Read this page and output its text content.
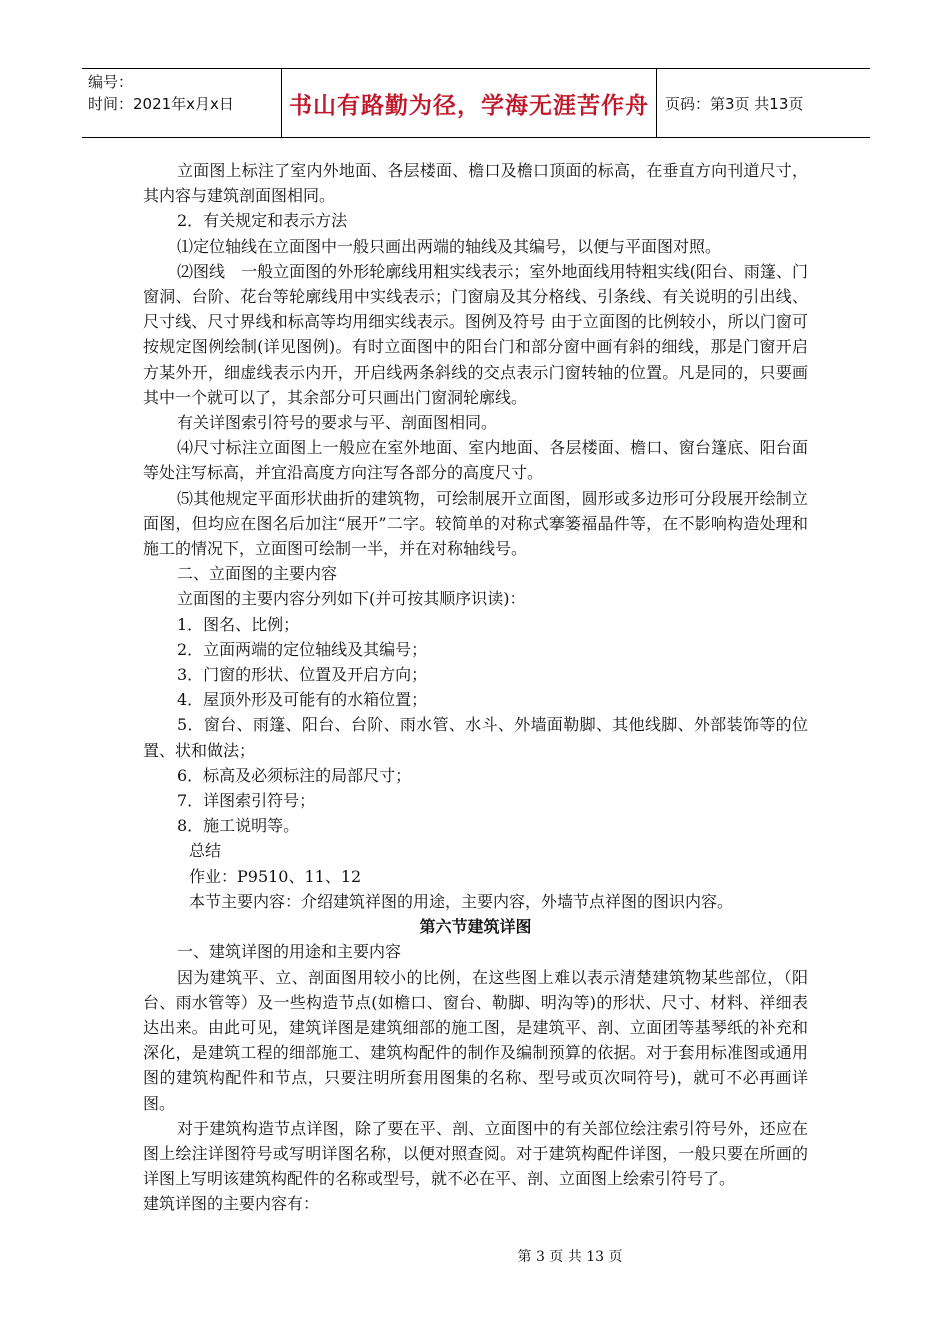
编号：
时间：2021年x月x日	书山有路勤为径，学海无涯苦作舟	页码：第3页 共13页

立面图上标注了室内外地面、各层楼面、檐口及檐口顶面的标高，在垂直方向刊道尺寸，其内容与建筑剖面图相同。

2．有关规定和表示方法

⑴定位轴线在立面图中一般只画出两端的轴线及其编号，以便与平面图对照。

⑵图线　一般立面图的外形轮廓线用粗实线表示；室外地面线用特粗实线(阳台、雨篷、门窗洞、台阶、花台等轮廓线用中实线表示；门窗扇及其分格线、引条线、有关说明的引出线、尺寸线、尺寸界线和标高等均用细实线表示。图例及符号 由于立面图的比例较小，所以门窗可按规定图例绘制(详见图例)。有时立面图中的阳台门和部分窗中画有斜的细线，那是门窗开启方某外开，细虚线表示内开，开启线两条斜线的交点表示门窗转轴的位置。凡是同的，只要画其中一个就可以了，其余部分可只画出门窗洞轮廓线。

有关详图索引符号的要求与平、剖面图相同。

⑷尺寸标注立面图上一般应在室外地面、室内地面、各层楼面、檐口、窗台篷底、阳台面等处注写标高，并宜沿高度方向注写各部分的高度尺寸。

⑸其他规定平面形状曲折的建筑物，可绘制展开立面图，圆形或多边形可分段展开绘制立面图，但均应在图名后加注“展开”二字。较简单的对称式搴篓福晶件等，在不影响构造处理和施工的情况下，立面图可绘制一半，并在对称轴线号。

二、立面图的主要内容

立面图的主要内容分列如下(并可按其顺序识读)：

1．图名、比例；

2．立面两端的定位轴线及其编号；

3．门窗的形状、位置及开启方向；

4．屋顶外形及可能有的水箱位置；

5．窗台、雨篷、阳台、台阶、雨水管、水斗、外墙面勒脚、其他线脚、外部装饰等的位置、状和做法；

6．标高及必须标注的局部尺寸；

7．详图索引符号；

8．施工说明等。

总结

作业：P9510、11、12

本节主要内容：介绍建筑祥图的用途，主要内容，外墙节点祥图的图识内容。

第六节建筑详图

一、建筑详图的用途和主要内容

因为建筑平、立、剖面图用较小的比例，在这些图上难以表示清楚建筑物某些部位，（阳台、雨水管等）及一些构造节点(如檐口、窗台、勒脚、明沟等)的形状、尺寸、材料、祥细表达出来。由此可见，建筑详图是建筑细部的施工图，是建筑平、剖、立面团等基琴纸的补充和深化，是建筑工程的细部施工、建筑构配件的制作及编制预算的依据。对于套用标准图或通用图的建筑构配件和节点，只要注明所套用图集的名称、型号或页次呞符号)，就可不必再画详图。

对于建筑构造节点详图，除了要在平、剖、立面图中的有关部位绘注索引符号外，还应在图上绘注详图符号或写明详图名称，以便对照查阅。对于建筑构配件详图，一般只要在所画的详图上写明该建筑构配件的名称或型号，就不必在平、剖、立面图上绘索引符号了。

建筑详图的主要内容有：

第 3 页 共 13 页
